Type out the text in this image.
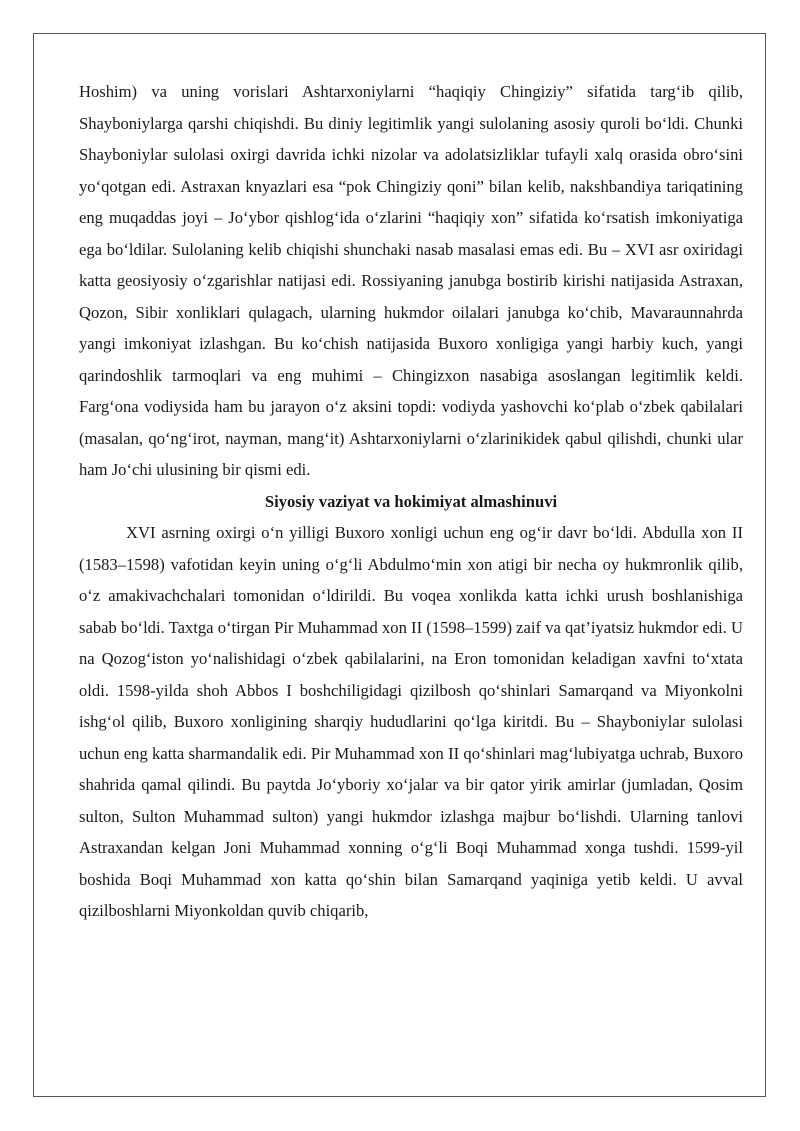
Hoshim) va uning vorislari Ashtarxoniylarni “haqiqiy Chingiziy” sifatida targ‘ib qilib, Shayboniylarga qarshi chiqishdi. Bu diniy legitimlik yangi sulolaning asosiy quroli bo‘ldi. Chunki Shayboniylar sulolasi oxirgi davrida ichki nizolar va adolatsizliklar tufayli xalq orasida obro‘sini yo‘qotgan edi. Astraxan knyazlari esa “pok Chingiziy qoni” bilan kelib, nakshbandiya tariqatining eng muqaddas joyi – Jo‘ybor qishlog‘ida o‘zlarini “haqiqiy xon” sifatida ko‘rsatish imkoniyatiga ega bo‘ldilar. Sulolaning kelib chiqishi shunchaki nasab masalasi emas edi. Bu – XVI asr oxiridagi katta geosiyosiy o‘zgarishlar natijasi edi. Rossiyaning janubga bostirib kirishi natijasida Astraxan, Qozon, Sibir xonliklari qulagach, ularning hukmdor oilalari janubga ko‘chib, Mavaraunnahrda yangi imkoniyat izlashgan. Bu ko‘chish natijasida Buxoro xonligiga yangi harbiy kuch, yangi qarindoshlik tarmoqlari va eng muhimi – Chingizxon nasabiga asoslangan legitimlik keldi. Farg‘ona vodiysida ham bu jarayon o‘z aksini topdi: vodiyda yashovchi ko‘plab o‘zbek qabilalari (masalan, qo‘ng‘irot, nayman, mang‘it) Ashtarxoniylarni o‘zlarinikidek qabul qilishdi, chunki ular ham Jo‘chi ulusining bir qismi edi.

Siyosiy vaziyat va hokimiyat almashinuvi

XVI asrning oxirgi o‘n yilligi Buxoro xonligi uchun eng og‘ir davr bo‘ldi. Abdulla xon II (1583–1598) vafotidan keyin uning o‘g‘li Abdulmo‘min xon atigi bir necha oy hukmronlik qilib, o‘z amakivachchalari tomonidan o‘ldirildi. Bu voqea xonlikda katta ichki urush boshlanishiga sabab bo‘ldi. Taxtga o‘tirgan Pir Muhammad xon II (1598–1599) zaif va qat’iyatsiz hukmdor edi. U na Qozog‘iston yo‘nalishidagi o‘zbek qabilalarini, na Eron tomonidan keladigan xavfni to‘xtata oldi. 1598-yilda shoh Abbos I boshchiligidagi qizilbosh qo‘shinlari Samarqand va Miyonkolni ishg‘ol qilib, Buxoro xonligining sharqiy hududlarini qo‘lga kiritdi. Bu – Shayboniylar sulolasi uchun eng katta sharmandalik edi. Pir Muhammad xon II qo‘shinlari mag‘lubiyatga uchrab, Buxoro shahrida qamal qilindi. Bu paytda Jo‘yboriy xo‘jalar va bir qator yirik amirlar (jumladan, Qosim sulton, Sulton Muhammad sulton) yangi hukmdor izlashga majbur bo‘lishdi. Ularning tanlovi Astraxandan kelgan Joni Muhammad xonning o‘g‘li Boqi Muhammad xonga tushdi. 1599-yil boshida Boqi Muhammad xon katta qo‘shin bilan Samarqand yaqiniga yetib keldi. U avval qizilboshlarni Miyonkoldan quvib chiqarib,
